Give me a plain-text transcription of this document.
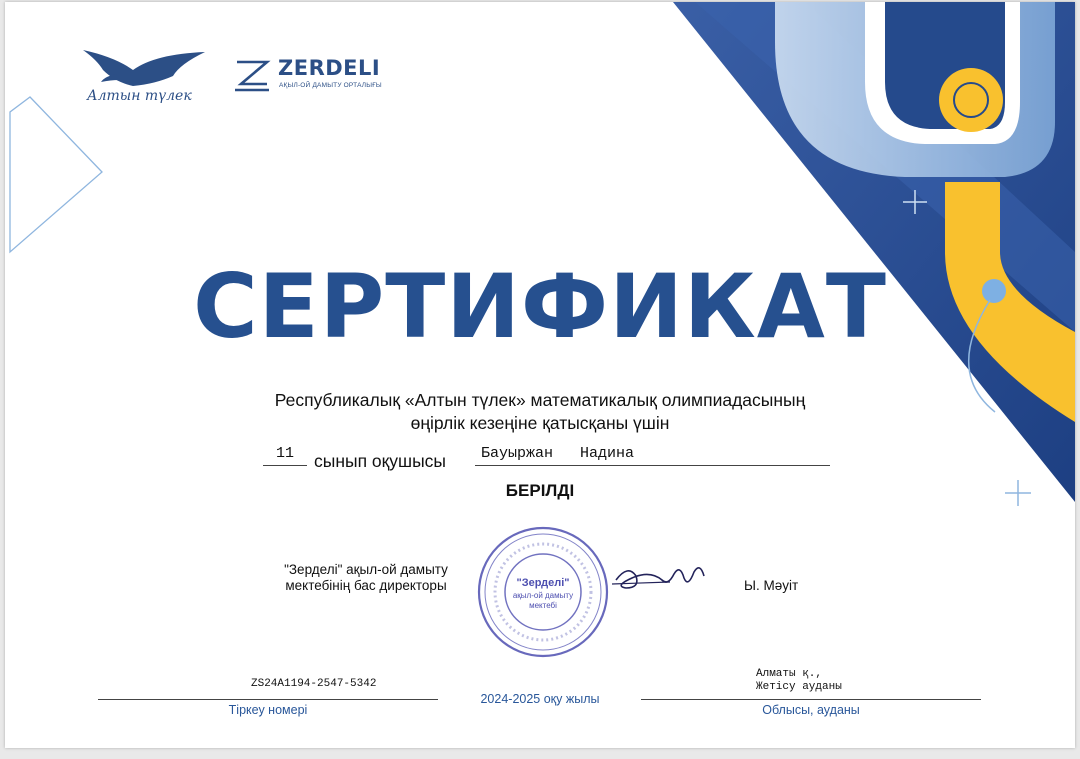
Алтын түлек
ZERDELI
АҚЫЛ-ОЙ ДАМЫТУ ОРТАЛЫҒЫ
СЕРТИФИКАТ
Республикалық «Алтын түлек» математикалық олимпиадасының
өңірлік кезеңіне қатысқаны үшін
11	сынып оқушысы Бауыржан   Надина
БЕРІЛДІ
"Зерделі" ақыл-ой дамыту
мектебінің бас директоры	"Зерделі"
ақыл-ой дамыту
мектебі
Ы. Мәуіт
ZS24A1194-2547-5342
Тіркеу номері
2024-2025 оқу жылы
Алматы қ.,
Жетісу ауданы
Облысы, ауданы
